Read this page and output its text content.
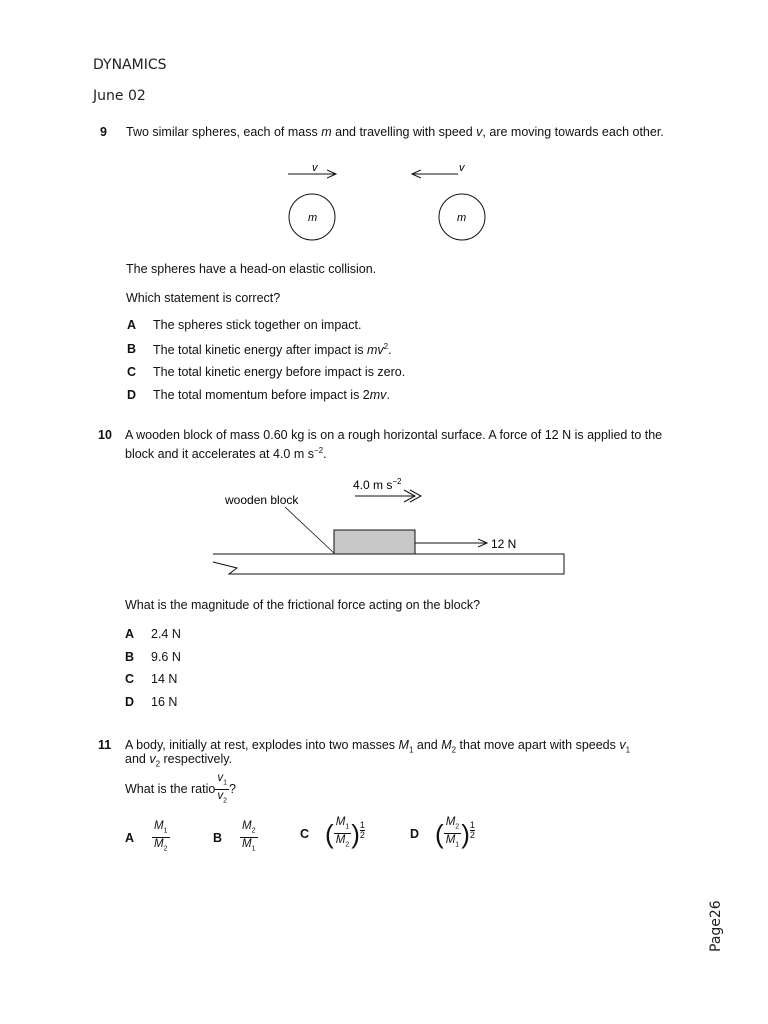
DYNAMICS
June 02
9 Two similar spheres, each of mass m and travelling with speed v, are moving towards each other.
v	v
m	m
The spheres have a head-on elastic collision.
Which statement is correct?
A The spheres stick together on impact.
B The total kinetic energy after impact is $mv^2$.
C The total kinetic energy before impact is zero.
D The total momentum before impact is 2mv.
10 A wooden block of mass 0.60 kg is on a rough horizontal surface. A force of 12 N is applied to the
block and it accelerates at 4.0 m $s^{-2}$.
4.0 m $s^{-2}$
wooden block
12 N
What is the magnitude of the frictional force acting on the block?
A 2.4 N
B 9.6 N
C 14 N
D 16 N
11 A body, initially at rest, explodes into two masses $M_1$ and $M_2$ that move apart with speeds $v_1$
and $v_2$ respectively.
What is the ratio $\frac{v_1}{v_2}$ ?
A $\frac{M_1}{M_2}$	B $\frac{M_2}{M_1}$	C ( $\frac{M_1}{M_2}$ ) 1
2	D ( $\frac{M_2}{M_1}$ ) 1
2
Page26
